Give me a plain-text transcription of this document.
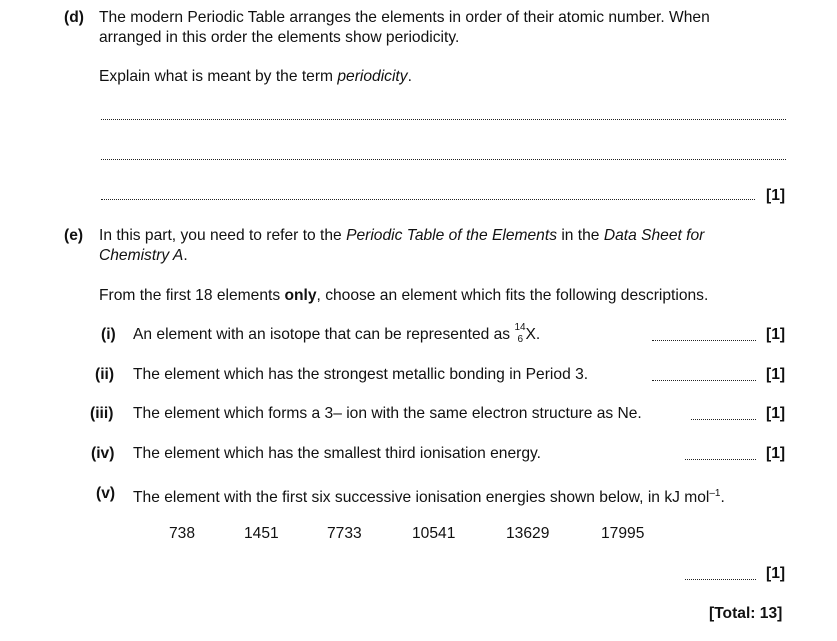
(d) The modern Periodic Table arranges the elements in order of their atomic number. When
arranged in this order the elements show periodicity.
Explain what is meant by the term periodicity.
[1]
(e) In this part, you need to refer to the Periodic Table of the Elements in the Data Sheet for
Chemistry A.
From the first 18 elements only, choose an element which fits the following descriptions.
(i) An element with an isotope that can be represented as 14
6 X.	[1]
(ii) The element which has the strongest metallic bonding in Period 3.	[1]
(iii) The element which forms a 3– ion with the same electron structure as Ne.	[1]
(iv) The element which has the smallest third ionisation energy.	[1]
(v) The element with the first six successive ionisation energies shown below, in kJ mol$^{-1}$.
738	1451	7733	10541	13629	17995
[1]
[Total: 13]
